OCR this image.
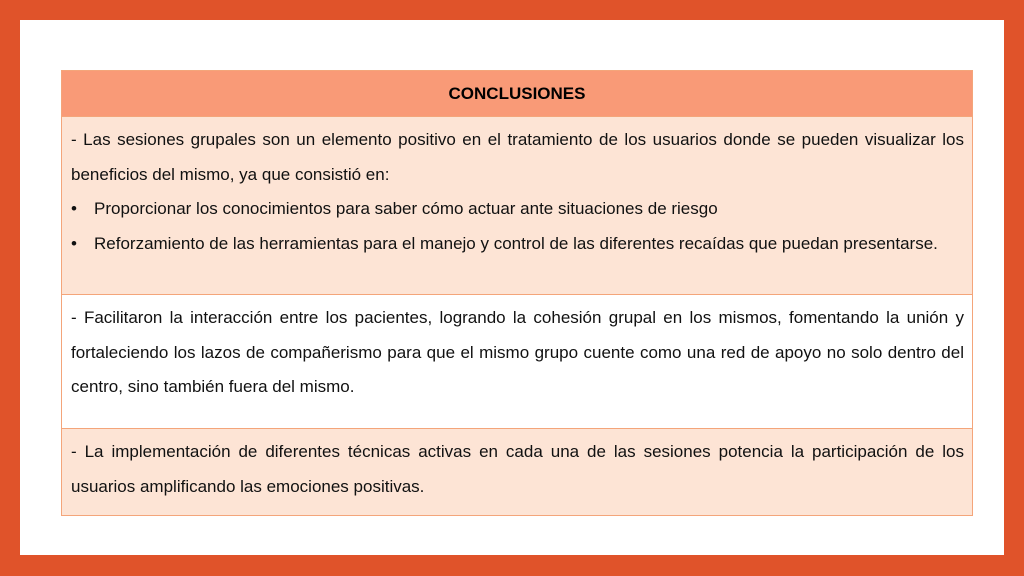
CONCLUSIONES
- Las sesiones grupales son un elemento positivo en el tratamiento de los usuarios donde se pueden visualizar los beneficios del mismo, ya que consistió en:
•	Proporcionar los conocimientos para saber cómo actuar ante situaciones de riesgo
•	Reforzamiento de las herramientas para el manejo y control de las diferentes recaídas que puedan presentarse.
- Facilitaron la interacción entre los pacientes, logrando la cohesión grupal en los mismos, fomentando la unión y fortaleciendo los lazos de compañerismo para que el mismo grupo cuente como una red de apoyo no solo dentro del centro, sino también fuera del mismo.
- La implementación de diferentes técnicas activas en cada una de las sesiones potencia la participación de los usuarios amplificando las emociones positivas.
